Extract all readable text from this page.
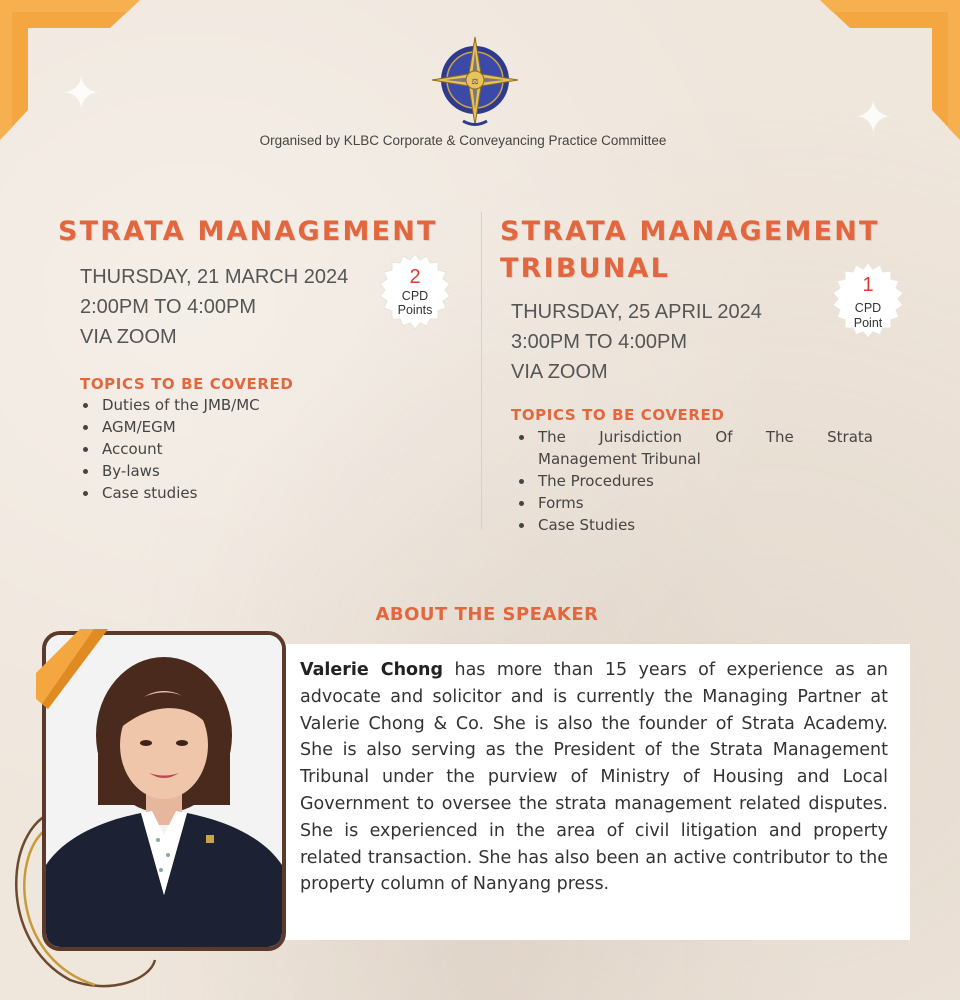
✦	✦
⚖
Organised by KLBC Corporate & Conveyancing Practice Committee
STRATA MANAGEMENT
THURSDAY, 21 MARCH 2024
2:00PM TO 4:00PM
VIA ZOOM
2
CPD
Points
TOPICS TO BE COVERED
Duties of the JMB/MC
AGM/EGM
Account
By-laws
Case studies
STRATA MANAGEMENT
TRIBUNAL
THURSDAY, 25 APRIL 2024
3:00PM TO 4:00PM
VIA ZOOM
1
CPD
Point
TOPICS TO BE COVERED
The Jurisdiction Of The Strata
Management Tribunal
The Procedures
Forms
Case Studies
ABOUT THE SPEAKER
Valerie Chong has more than 15 years of experience as an advocate and solicitor and is currently the Managing Partner at Valerie Chong & Co. She is also the founder of Strata Academy. She is also serving as the President of the Strata Management Tribunal under the purview of Ministry of Housing and Local Government to oversee the strata management related disputes. She is experienced in the area of civil litigation and property related transaction. She has also been an active contributor to the property column of Nanyang press.
